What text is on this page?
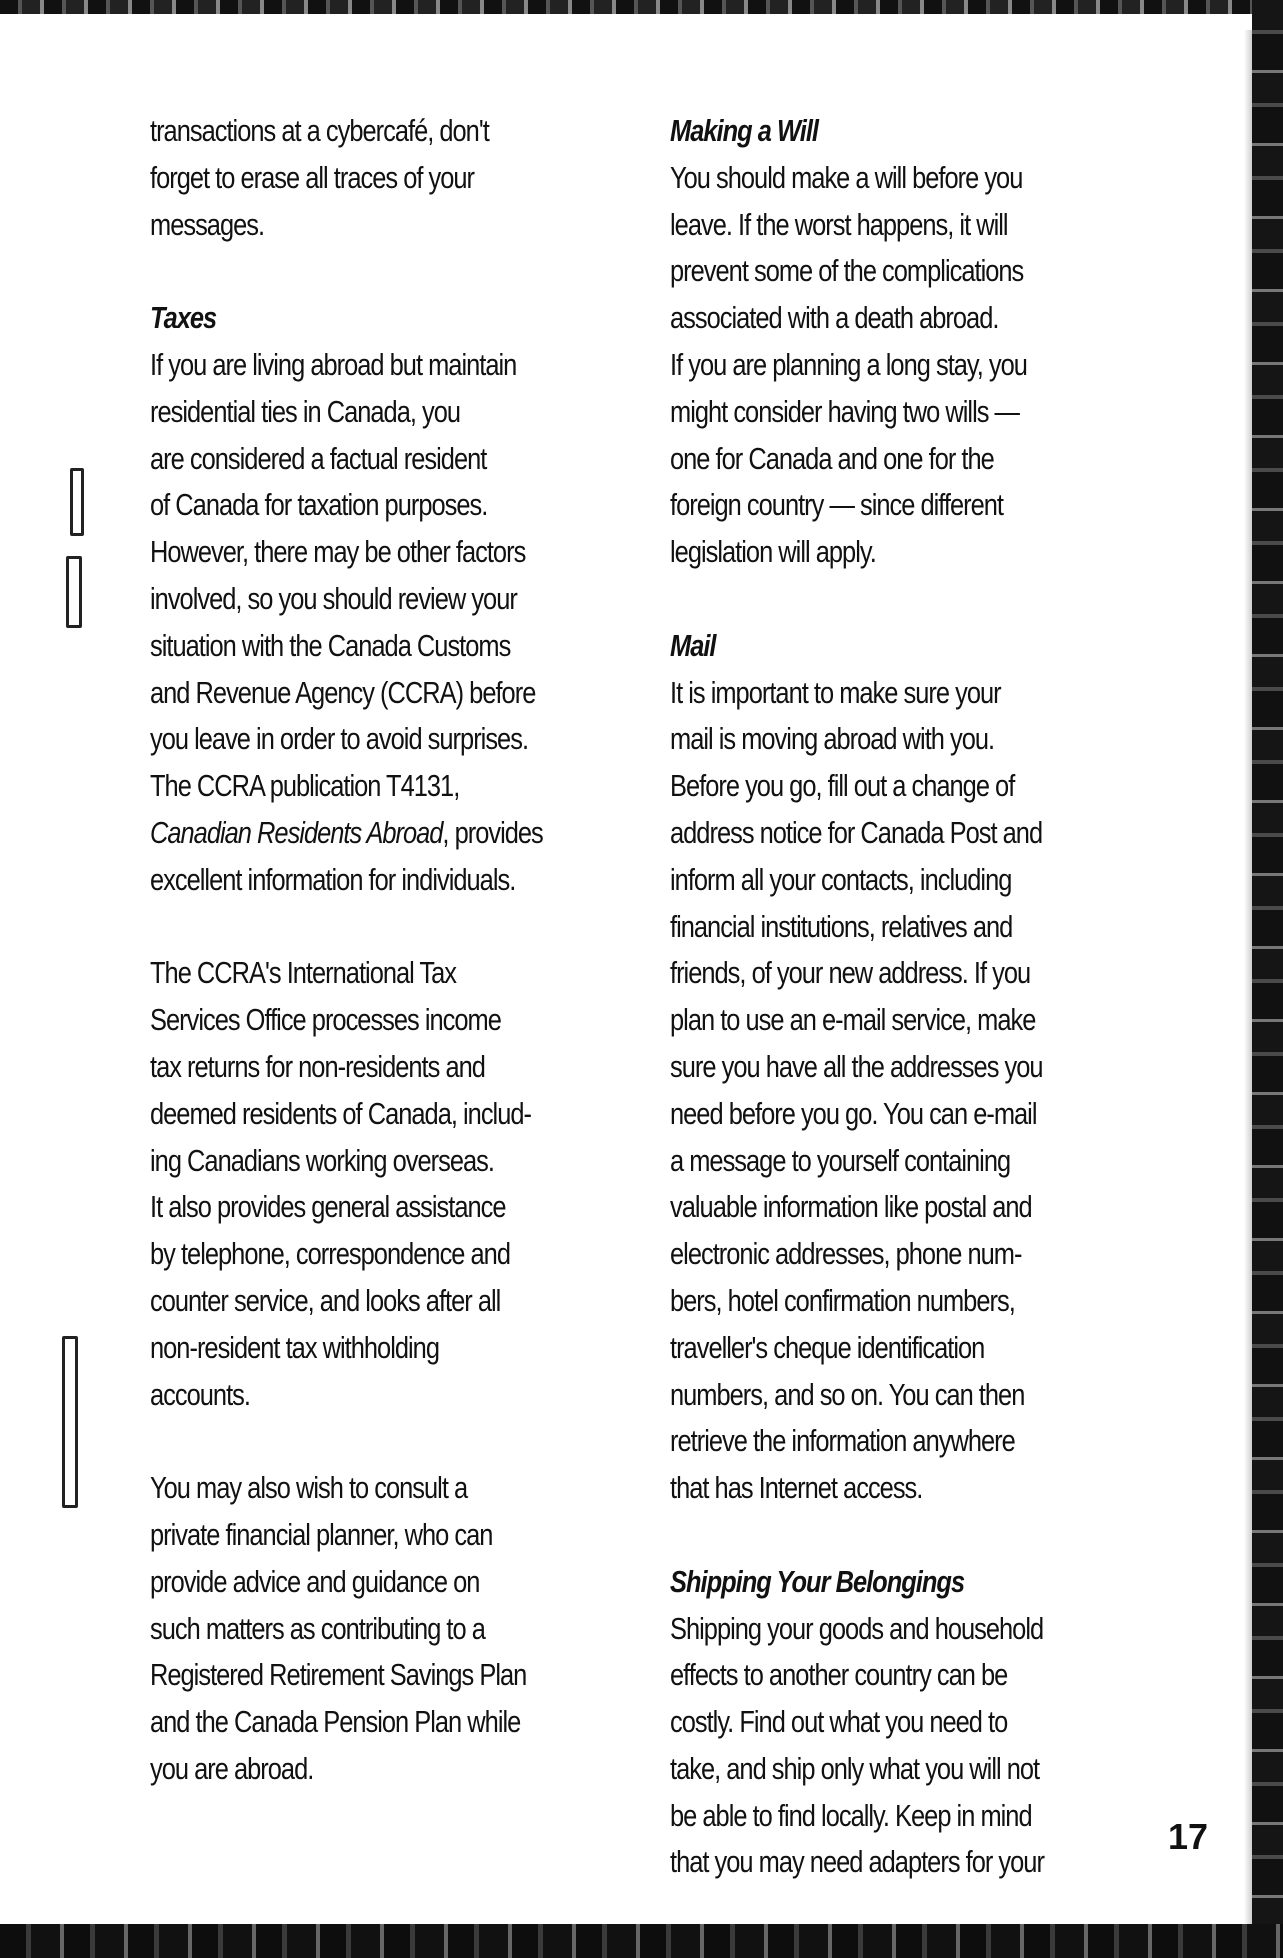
transactions at a cybercafé, don't
forget to erase all traces of your
messages.
Taxes
If you are living abroad but maintain
residential ties in Canada, you
are considered a factual resident
of Canada for taxation purposes.
However, there may be other factors
involved, so you should review your
situation with the Canada Customs
and Revenue Agency (CCRA) before
you leave in order to avoid surprises.
The CCRA publication T4131,
Canadian Residents Abroad, provides
excellent information for individuals.
The CCRA's International Tax
Services Office processes income
tax returns for non-residents and
deemed residents of Canada, includ-
ing Canadians working overseas.
It also provides general assistance
by telephone, correspondence and
counter service, and looks after all
non-resident tax withholding
accounts.
You may also wish to consult a
private financial planner, who can
provide advice and guidance on
such matters as contributing to a
Registered Retirement Savings Plan
and the Canada Pension Plan while
you are abroad.
Making a Will
You should make a will before you
leave. If the worst happens, it will
prevent some of the complications
associated with a death abroad.
If you are planning a long stay, you
might consider having two wills —
one for Canada and one for the
foreign country — since different
legislation will apply.
Mail
It is important to make sure your
mail is moving abroad with you.
Before you go, fill out a change of
address notice for Canada Post and
inform all your contacts, including
financial institutions, relatives and
friends, of your new address. If you
plan to use an e-mail service, make
sure you have all the addresses you
need before you go. You can e-mail
a message to yourself containing
valuable information like postal and
electronic addresses, phone num-
bers, hotel confirmation numbers,
traveller's cheque identification
numbers, and so on. You can then
retrieve the information anywhere
that has Internet access.
Shipping Your Belongings
Shipping your goods and household
effects to another country can be
costly. Find out what you need to
take, and ship only what you will not
be able to find locally. Keep in mind
that you may need adapters for your
17
